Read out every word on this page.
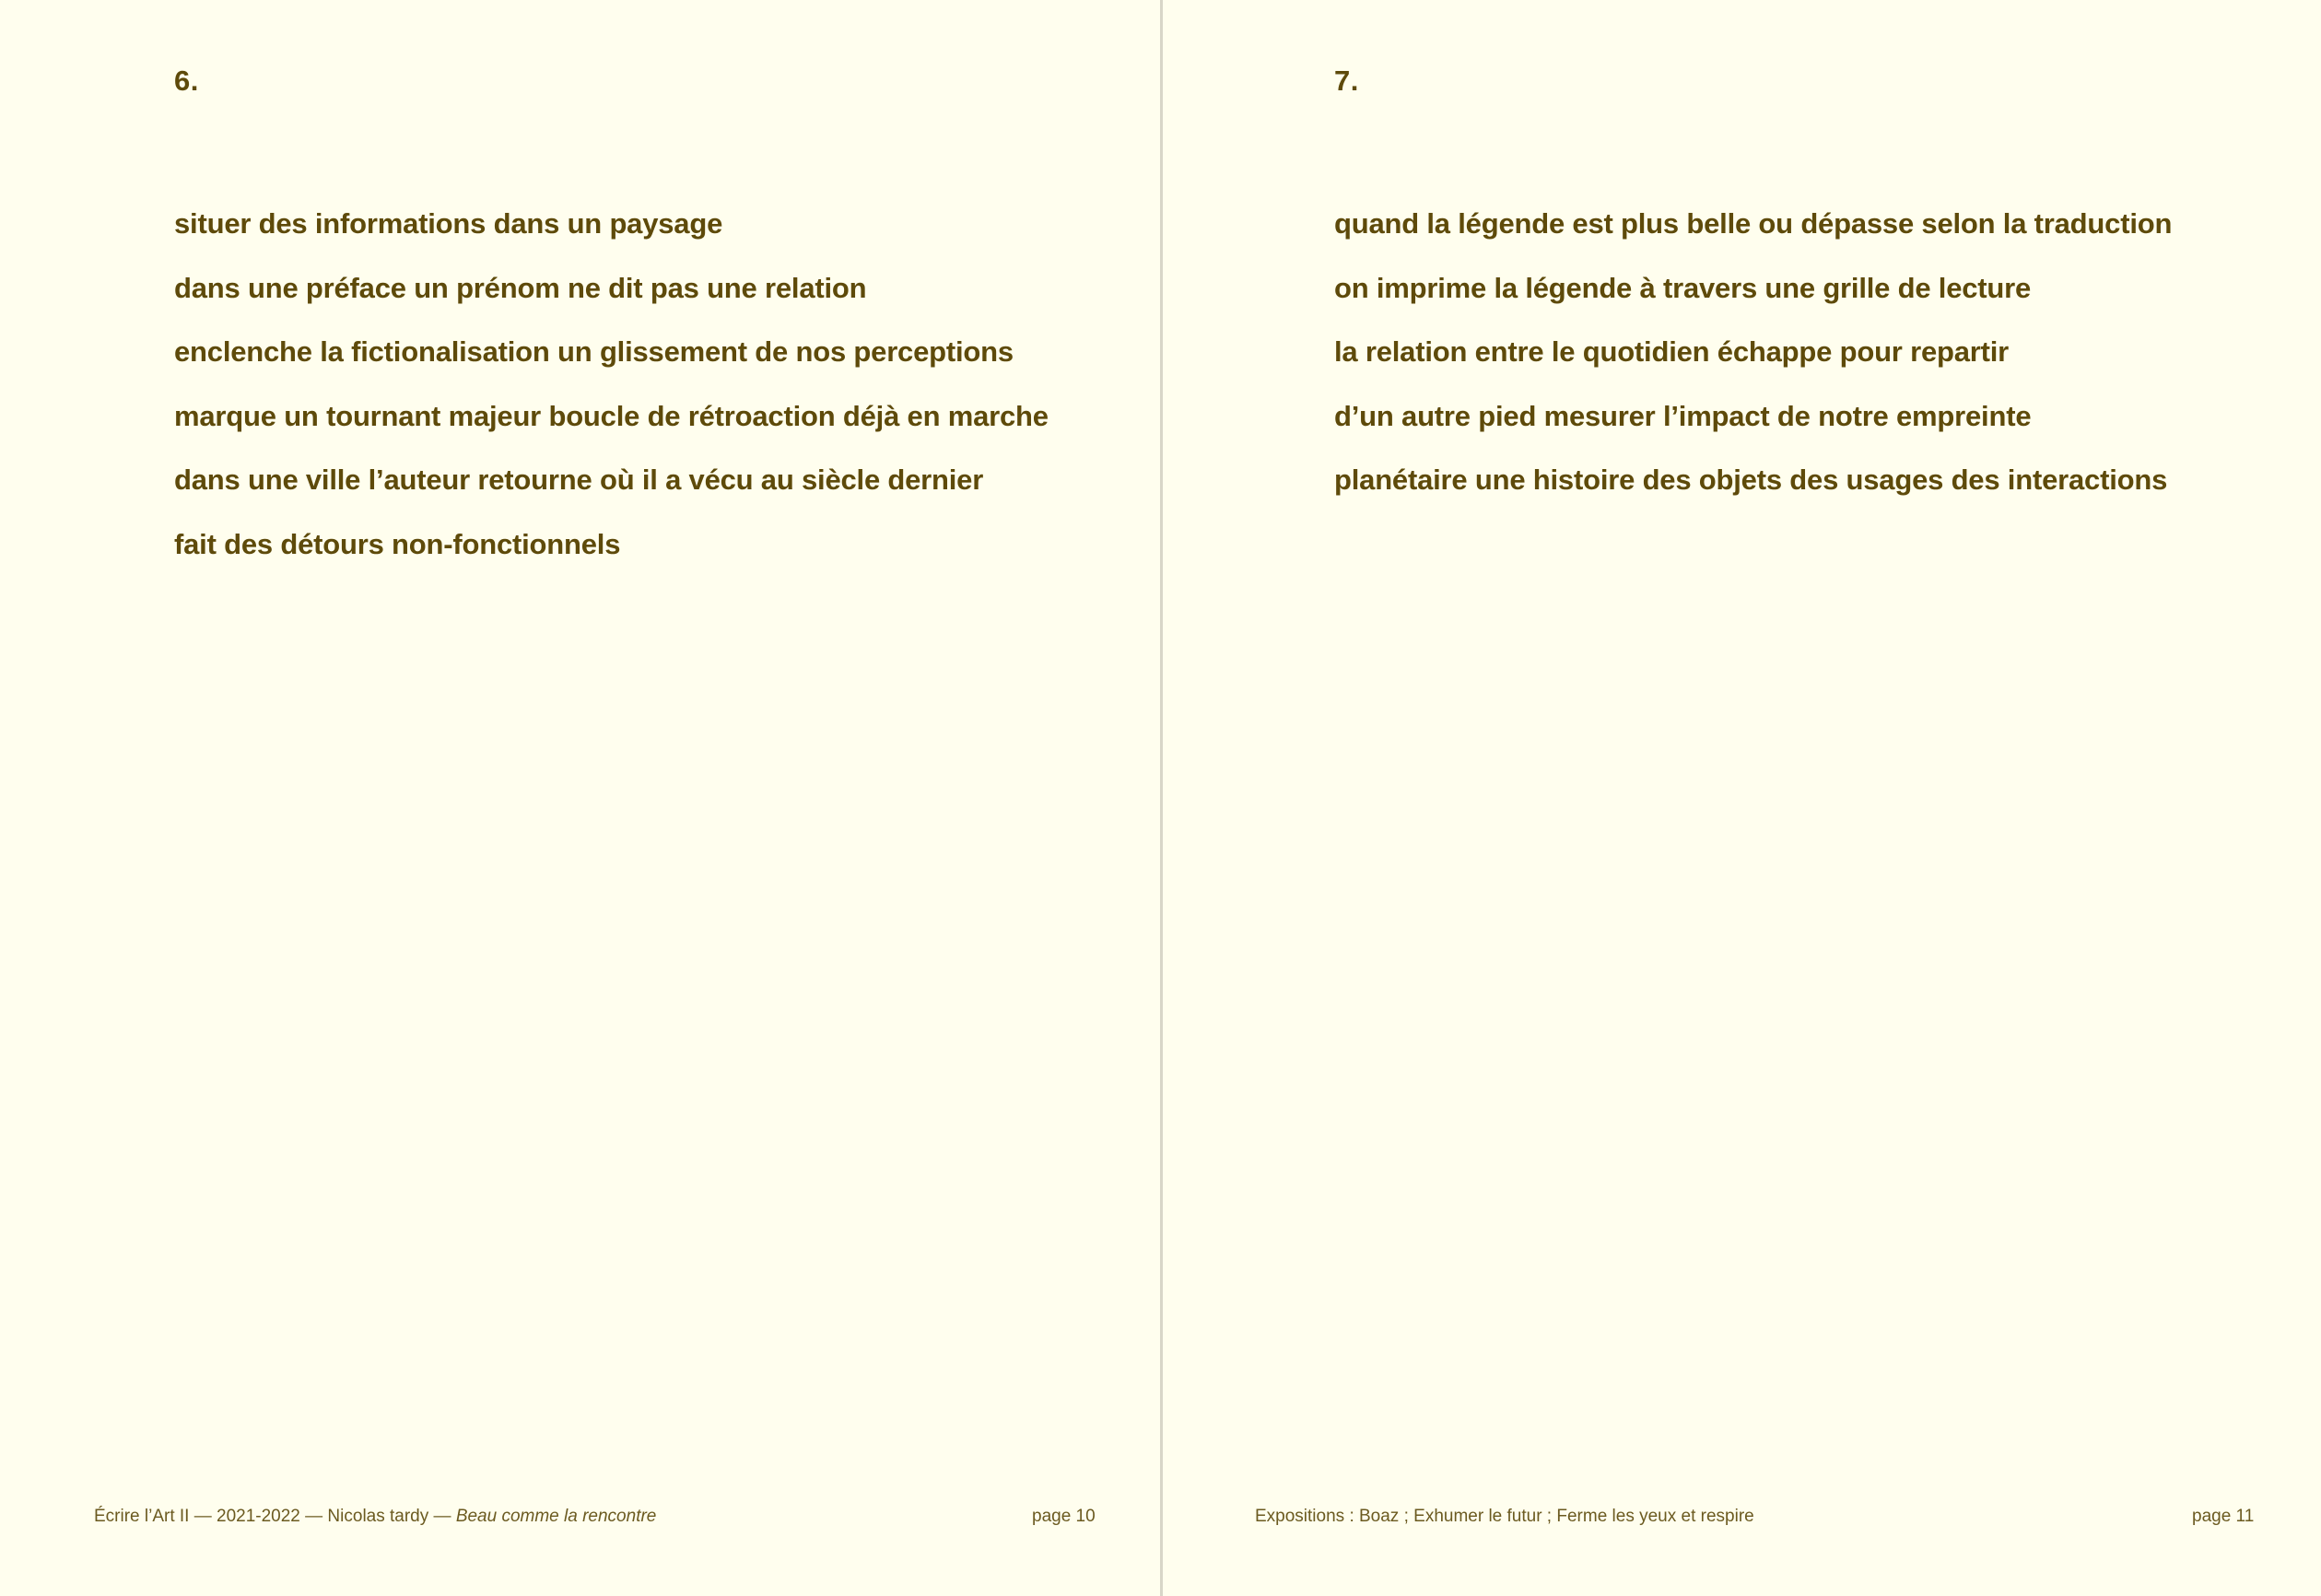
6.
situer des informations dans un paysage
dans une préface un prénom ne dit pas une relation
enclenche la fictionalisation un glissement de nos perceptions
marque un tournant majeur boucle de rétroaction déjà en marche
dans une ville l’auteur retourne où il a vécu au siècle dernier
fait des détours non-fonctionnels
Écrire l’Art II — 2021-2022 — Nicolas tardy — Beau comme la rencontre	page 10
7.
quand la légende est plus belle ou dépasse selon la traduction
on imprime la légende à travers une grille de lecture
la relation entre le quotidien échappe pour repartir
d’un autre pied mesurer l’impact de notre empreinte
planétaire une histoire des objets des usages des interactions
Expositions : Boaz ; Exhumer le futur ; Ferme les yeux et respire	page 11
